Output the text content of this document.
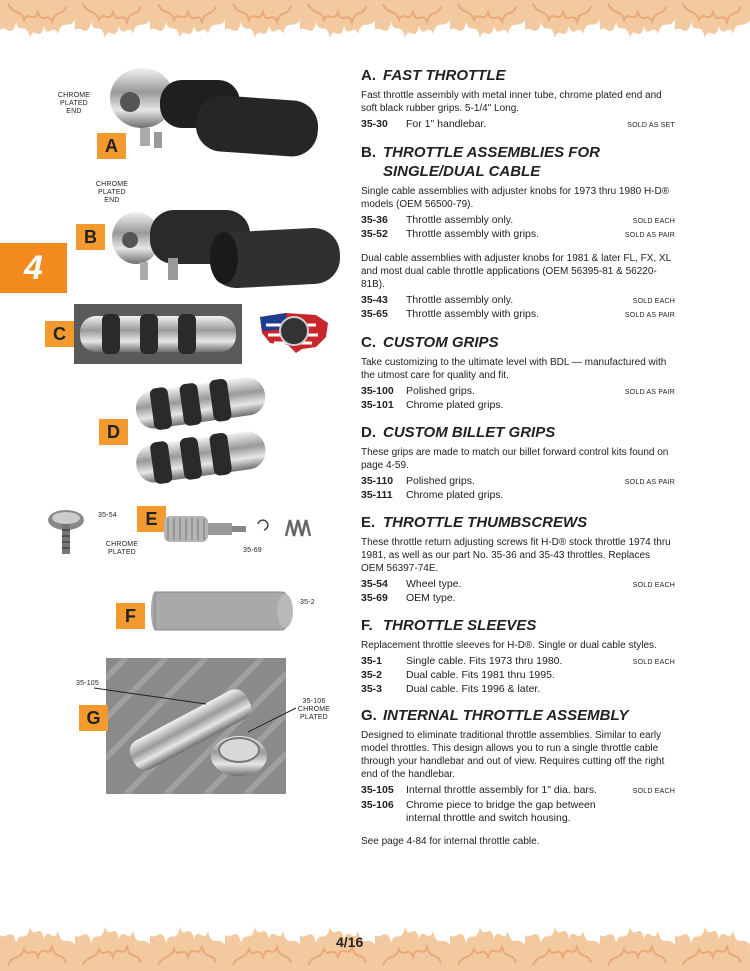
4
CHROME
PLATED
END
A
CHROME
PLATED
END
B
C
D
35-54
CHROME
PLATED
E
35-69
35-2
F
35-105
35-106
CHROME
PLATED
G
A. FAST THROTTLE

Fast throttle assembly with metal inner tube, chrome plated end and soft black rubber grips. 5-1/4" Long.

35-30	For 1" handlebar.	SOLD AS SET
B. THROTTLE ASSEMBLIES FOR SINGLE/DUAL CABLE

Single cable assemblies with adjuster knobs for 1973 thru 1980 H-D® models (OEM 56500-79).

35-36	Throttle assembly only.	SOLD EACH
35-52	Throttle assembly with grips.	SOLD AS PAIR

Dual cable assemblies with adjuster knobs for 1981 & later FL, FX, XL and most dual cable throttle applications (OEM 56395-81 & 56220-81B).

35-43	Throttle assembly only.	SOLD EACH
35-65	Throttle assembly with grips.	SOLD AS PAIR
C. CUSTOM GRIPS

Take customizing to the ultimate level with BDL — manufactured with the utmost care for quality and fit.

35-100	Polished grips.	SOLD AS PAIR
35-101	Chrome plated grips.
D. CUSTOM BILLET GRIPS

These grips are made to match our billet forward control kits found on page 4-59.

35-110	Polished grips.	SOLD AS PAIR
35-111	Chrome plated grips.
E. THROTTLE THUMBSCREWS

These throttle return adjusting screws fit H-D® stock throttle 1974 thru 1981, as well as our part No. 35-36 and 35-43 throttles. Replaces OEM 56397-74E.

35-54	Wheel type.	SOLD EACH
35-69	OEM type.
F. THROTTLE SLEEVES

Replacement throttle sleeves for H-D®. Single or dual cable styles.

35-1	Single cable. Fits 1973 thru 1980.	SOLD EACH
35-2	Dual cable. Fits 1981 thru 1995.
35-3	Dual cable. Fits 1996 & later.
G. INTERNAL THROTTLE ASSEMBLY

Designed to eliminate traditional throttle assemblies. Similar to early model throttles. This design allows you to run a single throttle cable through your handlebar and out of view. Requires cutting off the right end of the handlebar.

35-105	Internal throttle assembly for 1" dia. bars.	SOLD EACH
35-106	Chrome piece to bridge the gap between internal throttle and switch housing.

See page 4-84 for internal throttle cable.

4/16
